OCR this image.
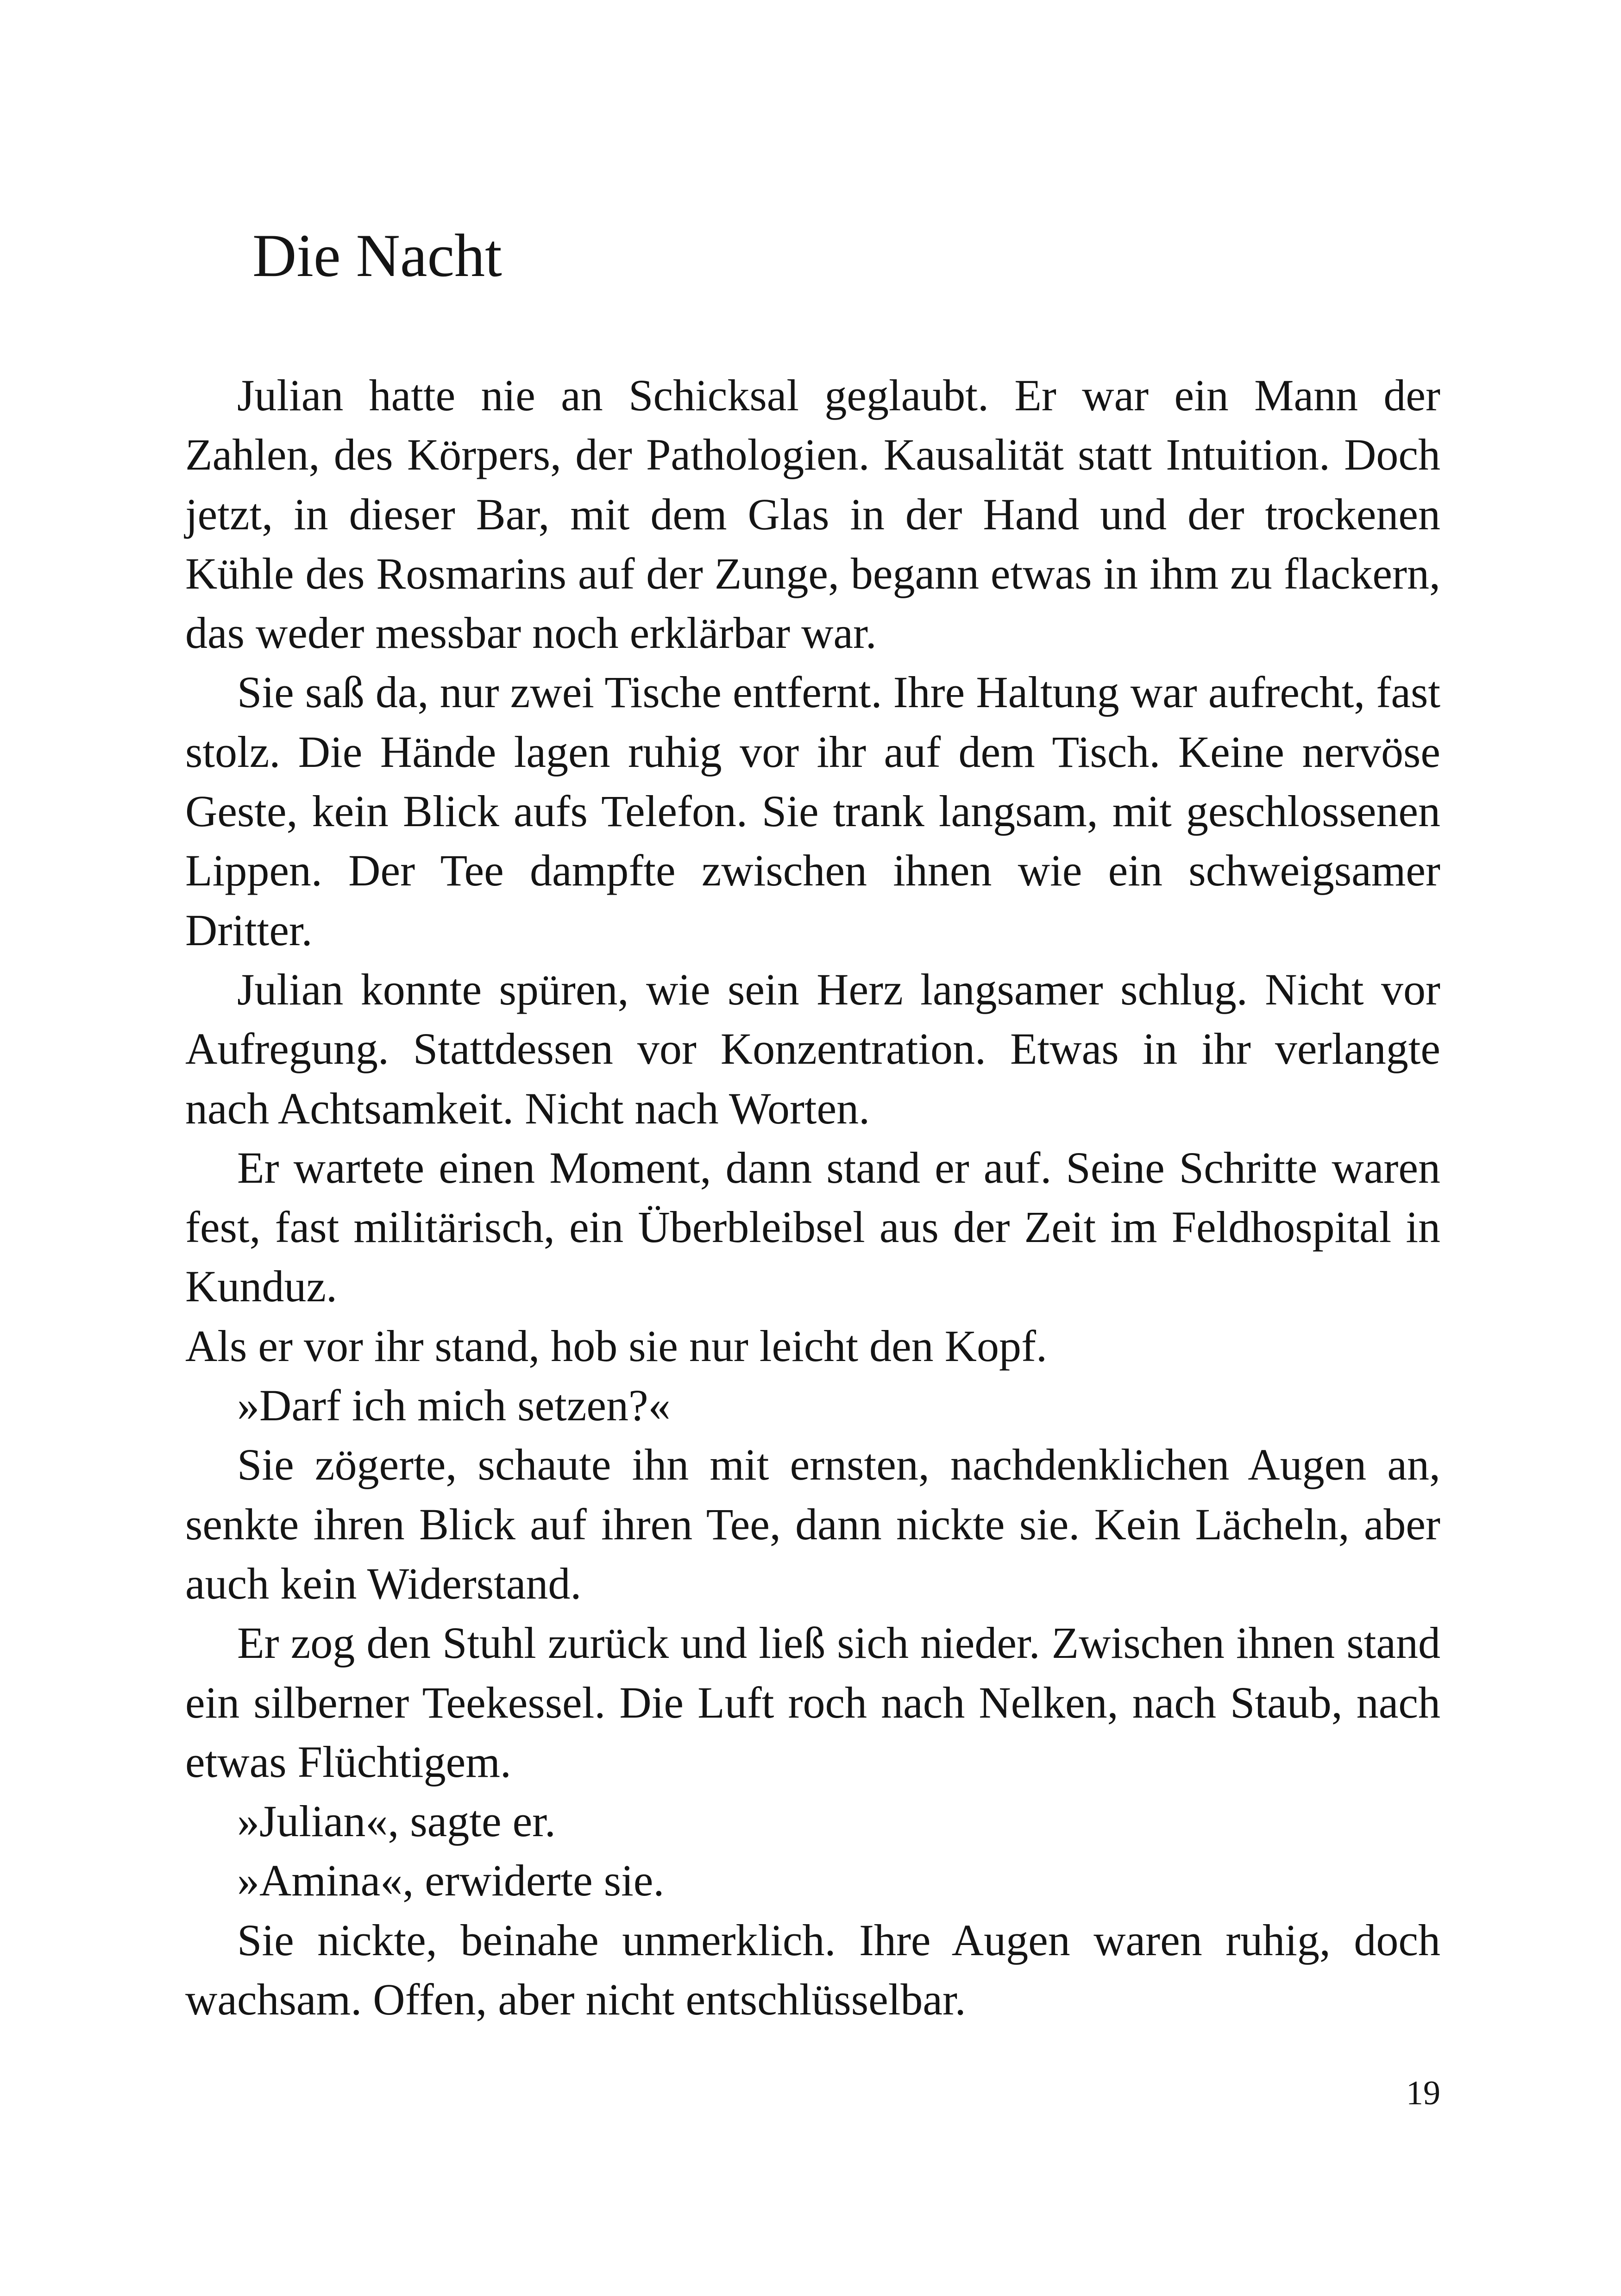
Die Nacht

Julian hatte nie an Schicksal geglaubt. Er war ein Mann der Zahlen, des Körpers, der Pathologien. Kausalität statt Intuition. Doch jetzt, in dieser Bar, mit dem Glas in der Hand und der trockenen Kühle des Rosmarins auf der Zunge, begann etwas in ihm zu flackern, das weder messbar noch erklärbar war.

Sie saß da, nur zwei Tische entfernt. Ihre Haltung war aufrecht, fast stolz. Die Hände lagen ruhig vor ihr auf dem Tisch. Keine nervöse Geste, kein Blick aufs Telefon. Sie trank langsam, mit geschlossenen Lippen. Der Tee dampfte zwischen ihnen wie ein schweigsamer Dritter.

Julian konnte spüren, wie sein Herz langsamer schlug. Nicht vor Aufregung. Stattdessen vor Konzentration. Etwas in ihr verlangte nach Achtsamkeit. Nicht nach Worten.

Er wartete einen Moment, dann stand er auf. Seine Schritte waren fest, fast militärisch, ein Überbleibsel aus der Zeit im Feldhospital in Kunduz.

Als er vor ihr stand, hob sie nur leicht den Kopf.

»Darf ich mich setzen?«

Sie zögerte, schaute ihn mit ernsten, nachdenklichen Augen an, senkte ihren Blick auf ihren Tee, dann nickte sie. Kein Lächeln, aber auch kein Widerstand.

Er zog den Stuhl zurück und ließ sich nieder. Zwischen ihnen stand ein silberner Teekessel. Die Luft roch nach Nelken, nach Staub, nach etwas Flüchtigem.

»Julian«, sagte er.

»Amina«, erwiderte sie.

Sie nickte, beinahe unmerklich. Ihre Augen waren ruhig, doch wachsam. Offen, aber nicht entschlüsselbar.

19
